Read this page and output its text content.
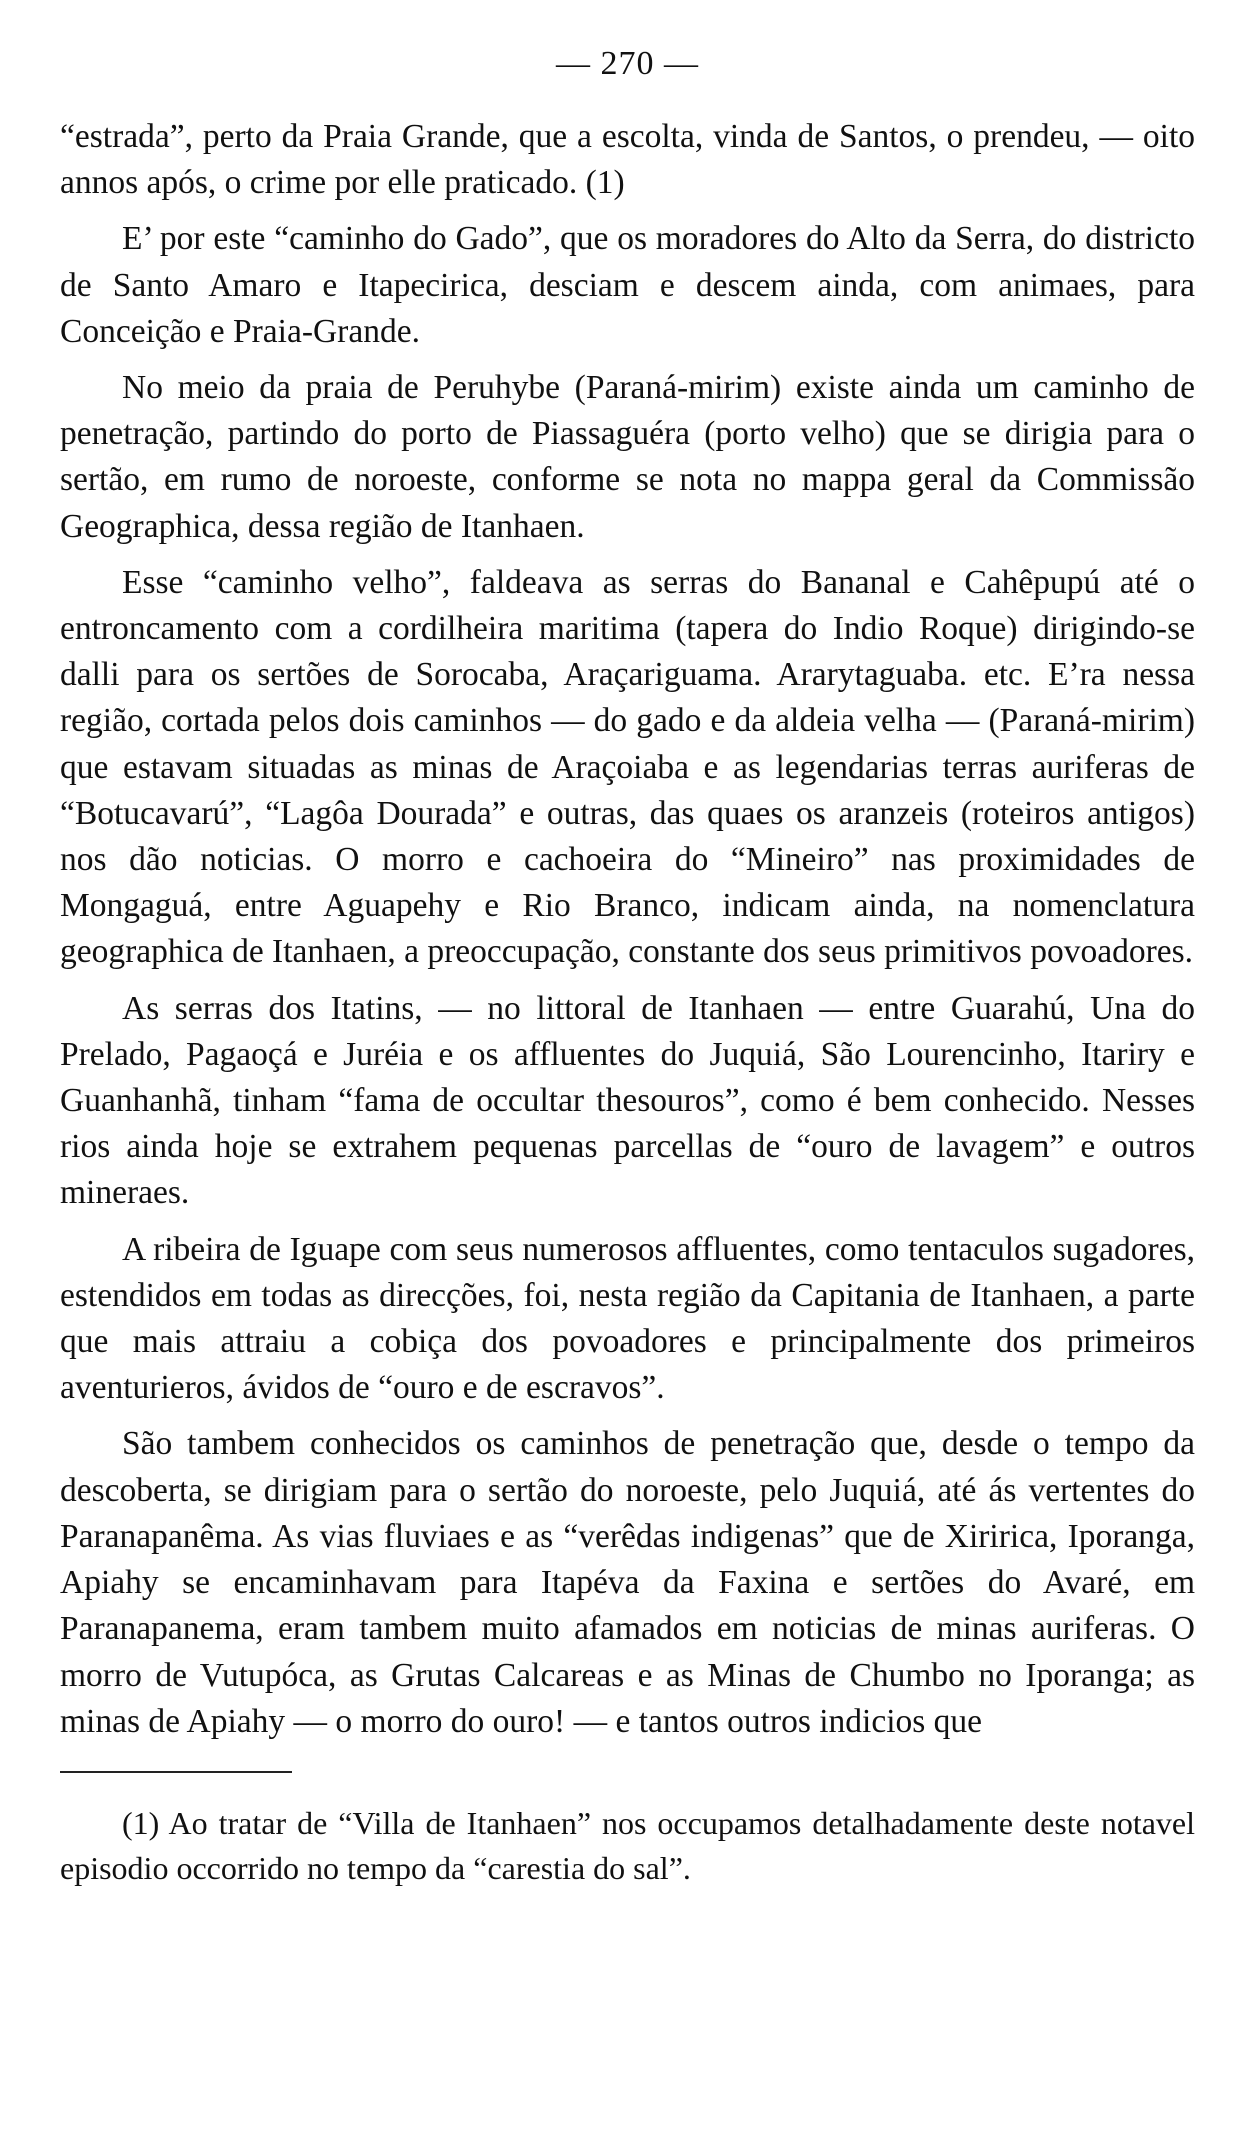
— 270 —

“estrada”, perto da Praia Grande, que a escolta, vinda de Santos, o prendeu, — oito annos após, o crime por elle praticado. (1)

E’ por este “caminho do Gado”, que os moradores do Alto da Serra, do districto de Santo Amaro e Itapecirica, desciam e descem ainda, com animaes, para Conceição e Praia-Grande.

No meio da praia de Peruhybe (Paraná-mirim) existe ainda um caminho de penetração, partindo do porto de Piassaguéra (porto velho) que se dirigia para o sertão, em rumo de noroeste, conforme se nota no mappa geral da Commissão Geographica, dessa região de Itanhaen.

Esse “caminho velho”, faldeava as serras do Bananal e Cahêpupú até o entroncamento com a cordilheira maritima (tapera do Indio Roque) dirigindo-se dalli para os sertões de Sorocaba, Araçariguama. Ararytaguaba. etc. E’ra nessa região, cortada pelos dois caminhos — do gado e da aldeia velha — (Paraná-mirim) que estavam situadas as minas de Araçoiaba e as legendarias terras auriferas de “Botucavarú”, “Lagôa Dourada” e outras, das quaes os aranzeis (roteiros antigos) nos dão noticias. O morro e cachoeira do “Mineiro” nas proximidades de Mongaguá, entre Aguapehy e Rio Branco, indicam ainda, na nomenclatura geographica de Itanhaen, a preoccupação, constante dos seus primitivos povoadores.

As serras dos Itatins, — no littoral de Itanhaen — entre Guarahú, Una do Prelado, Pagaoçá e Juréia e os affluentes do Juquiá, São Lourencinho, Itariry e Guanhanhã, tinham “fama de occultar thesouros”, como é bem conhecido. Nesses rios ainda hoje se extrahem pequenas parcellas de “ouro de lavagem” e outros mineraes.

A ribeira de Iguape com seus numerosos affluentes, como tentaculos sugadores, estendidos em todas as direcções, foi, nesta região da Capitania de Itanhaen, a parte que mais attraiu a cobiça dos povoadores e principalmente dos primeiros aventurieros, ávidos de “ouro e de escravos”.

São tambem conhecidos os caminhos de penetração que, desde o tempo da descoberta, se dirigiam para o sertão do noroeste, pelo Juquiá, até ás vertentes do Paranapanêma. As vias fluviaes e as “verêdas indigenas” que de Xiririca, Iporanga, Apiahy se encaminhavam para Itapéva da Faxina e sertões do Avaré, em Paranapanema, eram tambem muito afamados em noticias de minas auriferas. O morro de Vutupóca, as Grutas Calcareas e as Minas de Chumbo no Iporanga; as minas de Apiahy — o morro do ouro! — e tantos outros indicios que

(1) Ao tratar de “Villa de Itanhaen” nos occupamos detalhadamente deste notavel episodio occorrido no tempo da “carestia do sal”.
